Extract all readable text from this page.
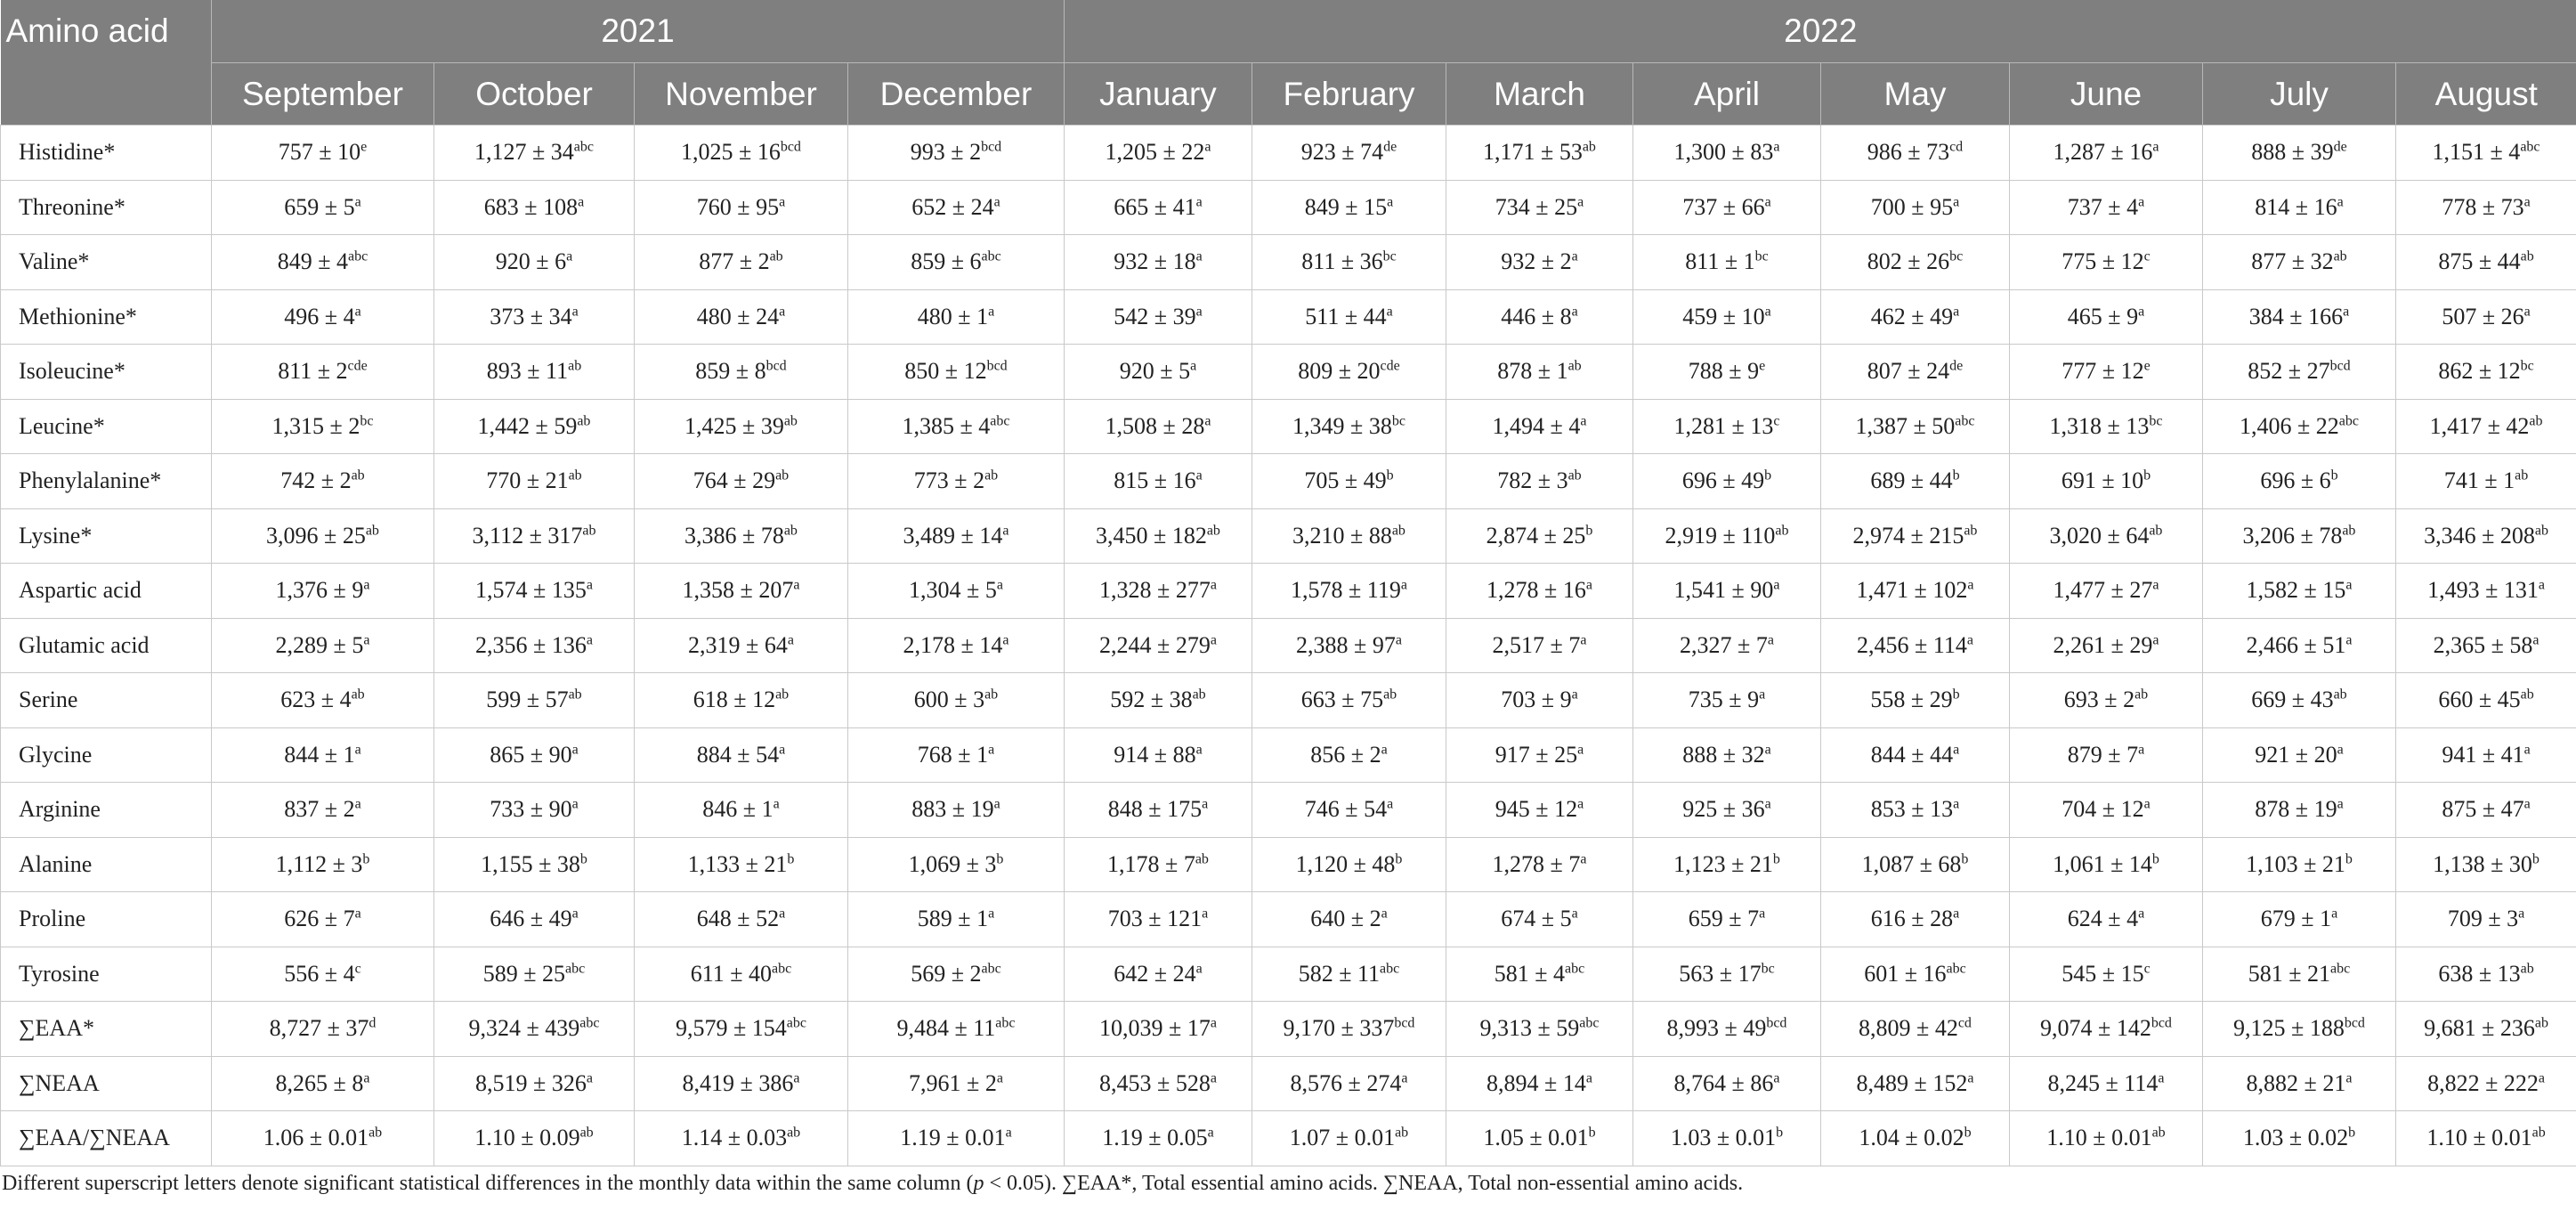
Amino acid	2021				2022							
	September	October	November	December	January	February	March	April	May	June	July	August
Histidine*	$757 \pm 10^e$	$1,127 \pm 34^{abc}$	$1,025 \pm 16^{bcd}$	$993 \pm 2^{bcd}$	$1,205 \pm 22^a$	923 ± 74de	$1,171 \pm 53^{ab}$	$1,300 \pm 83^a$	$986 \pm 73^{cd}$	$1,287 \pm 16^a$	888 ± 39de	$1,151 \pm 4^{abc}$
Threonine*	$659 \pm 5^a$	$683 \pm 108^a$	$760 \pm 95^a$	$652 \pm 24^a$	$665 \pm 41^a$	$849 \pm 15^a$	$734 \pm 25^a$	$737 \pm 66^a$	$700 \pm 95^a$	$737 \pm 4^a$	$814 \pm 16^a$	$778 \pm 73^a$
Valine*	$849 \pm 4^{abc}$	$920 \pm 6^a$	$877 \pm 2^{ab}$	$859 \pm 6^{abc}$	$932 \pm 18^a$	$811 \pm 36^{bc}$	$932 \pm 2^a$	$811 \pm 1^{bc}$	$802 \pm 26^{bc}$	$775 \pm 12^c$	$877 \pm 32^{ab}$	$875 \pm 44^{ab}$
Methionine*	$496 \pm 4^a$	$373 \pm 34^a$	$480 \pm 24^a$	$480 \pm 1^a$	$542 \pm 39^a$	$511 \pm 44^a$	$446 \pm 8^a$	$459 \pm 10^a$	$462 \pm 49^a$	$465 \pm 9^a$	$384 \pm 166^a$	$507 \pm 26^a$
Isoleucine*	$811 \pm 2^{cde}$	$893 \pm 11^{ab}$	$859 \pm 8^{bcd}$	$850 \pm 12^{bcd}$	$920 \pm 5^a$	$809 \pm 20^{cde}$	$878 \pm 1^{ab}$	$788 \pm 9^e$	807 ± 24de	$777 \pm 12^e$	$852 \pm 27^{bcd}$	$862 \pm 12^{bc}$
Leucine*	$1,315 \pm 2^{bc}$	$1,442 \pm 59^{ab}$	$1,425 \pm 39^{ab}$	$1,385 \pm 4^{abc}$	$1,508 \pm 28^a$	$1,349 \pm 38^{bc}$	$1,494 \pm 4^a$	$1,281 \pm 13^c$	$1,387 \pm 50^{abc}$	$1,318 \pm 13^{bc}$	$1,406 \pm 22^{abc}$	$1,417 \pm 42^{ab}$
Phenylalanine*	$742 \pm 2^{ab}$	$770 \pm 21^{ab}$	$764 \pm 29^{ab}$	$773 \pm 2^{ab}$	$815 \pm 16^a$	$705 \pm 49^b$	$782 \pm 3^{ab}$	$696 \pm 49^b$	$689 \pm 44^b$	$691 \pm 10^b$	$696 \pm 6^b$	$741 \pm 1^{ab}$
Lysine*	$3,096 \pm 25^{ab}$	$3,112 \pm 317^{ab}$	$3,386 \pm 78^{ab}$	$3,489 \pm 14^a$	$3,450 \pm 182^{ab}$	$3,210 \pm 88^{ab}$	$2,874 \pm 25^b$	$2,919 \pm 110^{ab}$	$2,974 \pm 215^{ab}$	$3,020 \pm 64^{ab}$	$3,206 \pm 78^{ab}$	$3,346 \pm 208^{ab}$
Aspartic acid	$1,376 \pm 9^a$	$1,574 \pm 135^a$	$1,358 \pm 207^a$	$1,304 \pm 5^a$	$1,328 \pm 277^a$	$1,578 \pm 119^a$	$1,278 \pm 16^a$	$1,541 \pm 90^a$	$1,471 \pm 102^a$	$1,477 \pm 27^a$	$1,582 \pm 15^a$	$1,493 \pm 131^a$
Glutamic acid	$2,289 \pm 5^a$	$2,356 \pm 136^a$	$2,319 \pm 64^a$	$2,178 \pm 14^a$	$2,244 \pm 279^a$	$2,388 \pm 97^a$	$2,517 \pm 7^a$	$2,327 \pm 7^a$	$2,456 \pm 114^a$	$2,261 \pm 29^a$	$2,466 \pm 51^a$	$2,365 \pm 58^a$
Serine	$623 \pm 4^{ab}$	$599 \pm 57^{ab}$	$618 \pm 12^{ab}$	$600 \pm 3^{ab}$	$592 \pm 38^{ab}$	$663 \pm 75^{ab}$	$703 \pm 9^a$	$735 \pm 9^a$	$558 \pm 29^b$	$693 \pm 2^{ab}$	$669 \pm 43^{ab}$	$660 \pm 45^{ab}$
Glycine	$844 \pm 1^a$	$865 \pm 90^a$	$884 \pm 54^a$	$768 \pm 1^a$	$914 \pm 88^a$	$856 \pm 2^a$	$917 \pm 25^a$	$888 \pm 32^a$	$844 \pm 44^a$	$879 \pm 7^a$	$921 \pm 20^a$	$941 \pm 41^a$
Arginine	$837 \pm 2^a$	$733 \pm 90^a$	$846 \pm 1^a$	$883 \pm 19^a$	$848 \pm 175^a$	$746 \pm 54^a$	$945 \pm 12^a$	$925 \pm 36^a$	$853 \pm 13^a$	$704 \pm 12^a$	$878 \pm 19^a$	$875 \pm 47^a$
Alanine	$1,112 \pm 3^b$	$1,155 \pm 38^b$	$1,133 \pm 21^b$	$1,069 \pm 3^b$	$1,178 \pm 7^{ab}$	$1,120 \pm 48^b$	$1,278 \pm 7^a$	$1,123 \pm 21^b$	$1,087 \pm 68^b$	$1,061 \pm 14^b$	$1,103 \pm 21^b$	$1,138 \pm 30^b$
Proline	$626 \pm 7^a$	$646 \pm 49^a$	$648 \pm 52^a$	$589 \pm 1^a$	$703 \pm 121^a$	$640 \pm 2^a$	$674 \pm 5^a$	$659 \pm 7^a$	$616 \pm 28^a$	$624 \pm 4^a$	$679 \pm 1^a$	$709 \pm 3^a$
Tyrosine	$556 \pm 4^c$	$589 \pm 25^{abc}$	$611 \pm 40^{abc}$	$569 \pm 2^{abc}$	$642 \pm 24^a$	$582 \pm 11^{abc}$	$581 \pm 4^{abc}$	$563 \pm 17^{bc}$	$601 \pm 16^{abc}$	$545 \pm 15^c$	$581 \pm 21^{abc}$	$638 \pm 13^{ab}$
∑EAA*	$8,727 \pm 37^d$	$9,324 \pm 439^{abc}$	$9,579 \pm 154^{abc}$	$9,484 \pm 11^{abc}$	$10,039 \pm 17^a$	$9,170 \pm 337^{bcd}$	$9,313 \pm 59^{abc}$	$8,993 \pm 49^{bcd}$	$8,809 \pm 42^{cd}$	$9,074 \pm 142^{bcd}$	$9,125 \pm 188^{bcd}$	$9,681 \pm 236^{ab}$
∑NEAA	$8,265 \pm 8^a$	$8,519 \pm 326^a$	$8,419 \pm 386^a$	$7,961 \pm 2^a$	$8,453 \pm 528^a$	$8,576 \pm 274^a$	$8,894 \pm 14^a$	$8,764 \pm 86^a$	$8,489 \pm 152^a$	$8,245 \pm 114^a$	$8,882 \pm 21^a$	$8,822 \pm 222^a$
∑EAA/∑NEAA	1.06 ± 0.01$^{ab}$	1.10 ± 0.09$^{ab}$	1.14 ± 0.03$^{ab}$	1.19 ± 0.01$^a$	1.19 ± 0.05$^a$	1.07 ± 0.01$^{ab}$	1.05 ± 0.01$^b$	1.03 ± 0.01$^b$	1.04 ± 0.02$^b$	1.10 ± 0.01$^{ab}$	1.03 ± 0.02$^b$	1.10 ± 0.01$^{ab}$
Different superscript letters denote significant statistical differences in the monthly data within the same column (p < 0.05). ∑EAA*, Total essential amino acids. ∑NEAA, Total non-essential amino acids.
